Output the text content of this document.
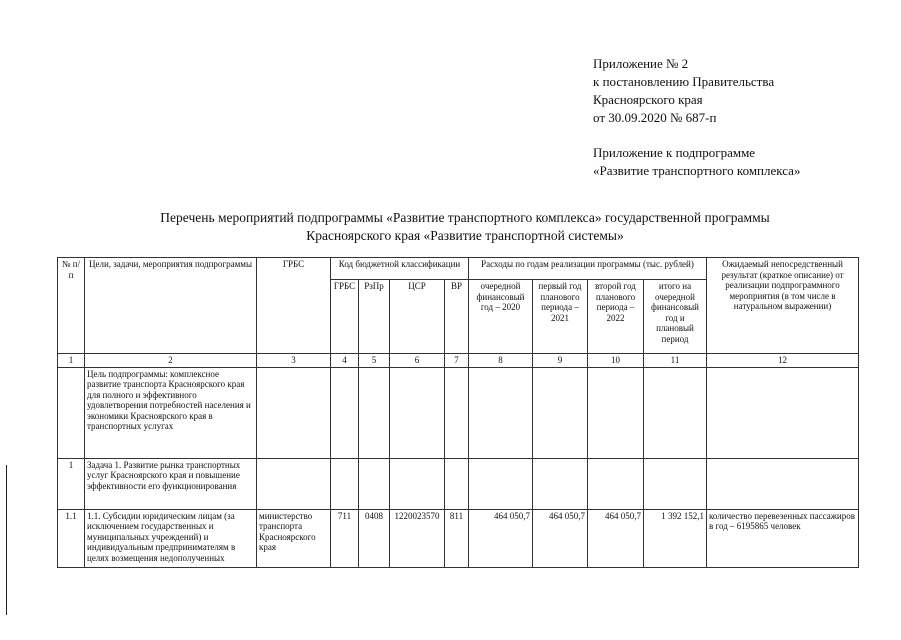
Приложение № 2
к постановлению Правительства
Красноярского края
от 30.09.2020 № 687-п
Приложение к подпрограмме
«Развитие транспортного комплекса»
Перечень мероприятий подпрограммы «Развитие транспортного комплекса» государственной программы
Красноярского края «Развитие транспортной системы»
№ п/п	Цели, задачи, мероприятия подпрограммы	ГРБС	Код бюджетной классификации				Расходы по годам реализации программы (тыс. рублей)				Ожидаемый непосредственный результат (краткое описание) от реализации подпрограммного мероприятия (в том числе в натуральном выражении)
			ГРБС	РзПр	ЦСР	ВР	очередной финансовый год – 2020	первый год планового периода – 2021	второй год планового периода – 2022	итого на очередной финансовый год и плановый период	
1	2	3	4	5	6	7	8	9	10	11	12
	Цель подпрограммы: комплексное развитие транспорта Красноярского края для полного и эффективного удовлетворения потребностей населения и экономики Красноярского края в транспортных услугах										
1	Задача 1. Развитие рынка транспортных услуг Красноярского края и повышение эффективности его функционирования										
1.1	1.1. Субсидии юридическим лицам (за исключением государственных и муниципальных учреждений) и индивидуальным предпринимателям в целях возмещения недополученных	министерство транспорта Красноярского края	711	0408	1220023570	811	464 050,7	464 050,7	464 050,7	1 392 152,1	количество перевезенных пассажиров в год – 6195865 человек
